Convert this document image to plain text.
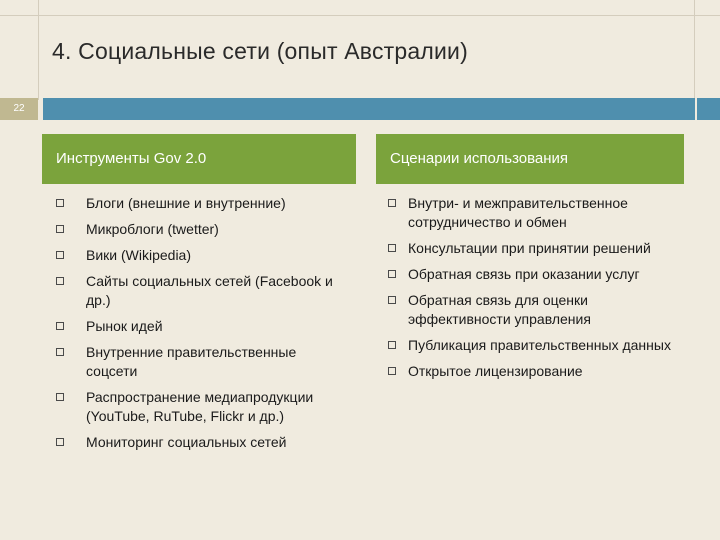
4. Социальные сети (опыт Австралии)
22
Инструменты Gov 2.0	Сценарии использования
Блоги (внешние и внутренние)
Микроблоги (twetter)
Вики (Wikipedia)
Сайты социальных сетей (Facebook и др.)
Рынок идей
Внутренние правительственные соцсети
Распространение медиапродукции (YouTube, RuTube, Flickr и др.)
Мониторинг социальных сетей
Внутри- и межправительственное сотрудничество и обмен
Консультации при принятии решений
Обратная связь при оказании услуг
Обратная связь для оценки эффективности управления
Публикация правительственных данных
Открытое лицензирование
